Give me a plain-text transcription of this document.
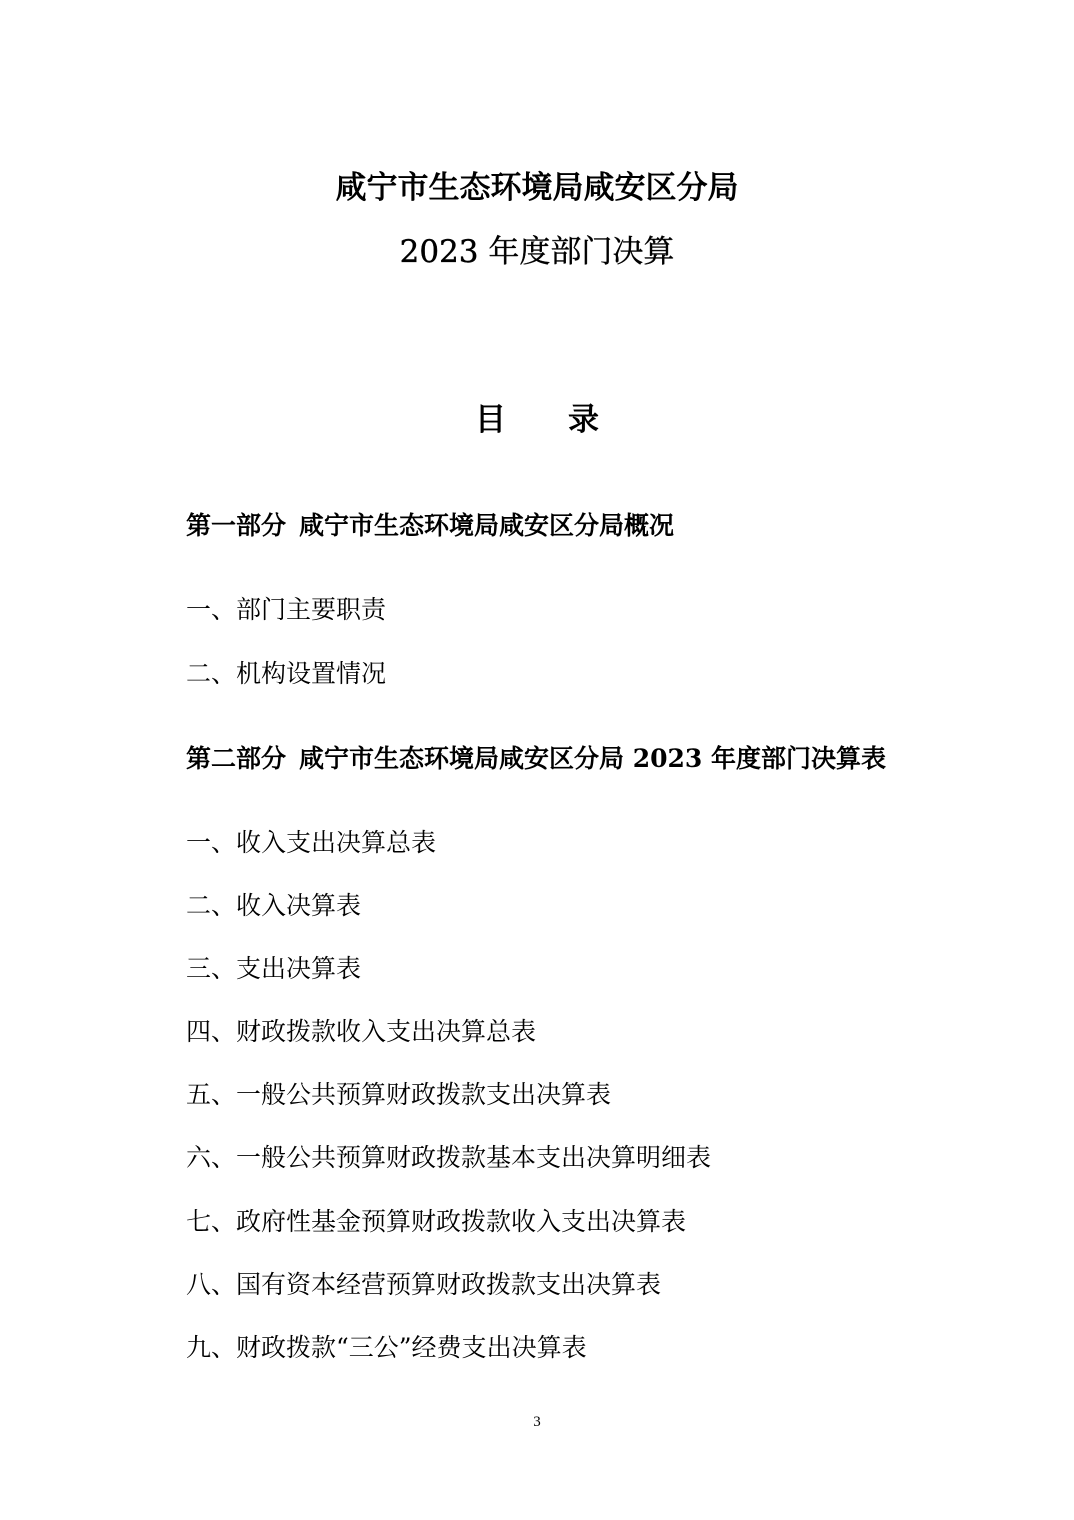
咸宁市生态环境局咸安区分局
2023 年度部门决算
目 录
第一部分 咸宁市生态环境局咸安区分局概况
一、部门主要职责
二、机构设置情况
第二部分 咸宁市生态环境局咸安区分局 2023 年度部门决算表
一、收入支出决算总表
二、收入决算表
三、支出决算表
四、财政拨款收入支出决算总表
五、一般公共预算财政拨款支出决算表
六、一般公共预算财政拨款基本支出决算明细表
七、政府性基金预算财政拨款收入支出决算表
八、国有资本经营预算财政拨款支出决算表
九、财政拨款“三公”经费支出决算表
3
